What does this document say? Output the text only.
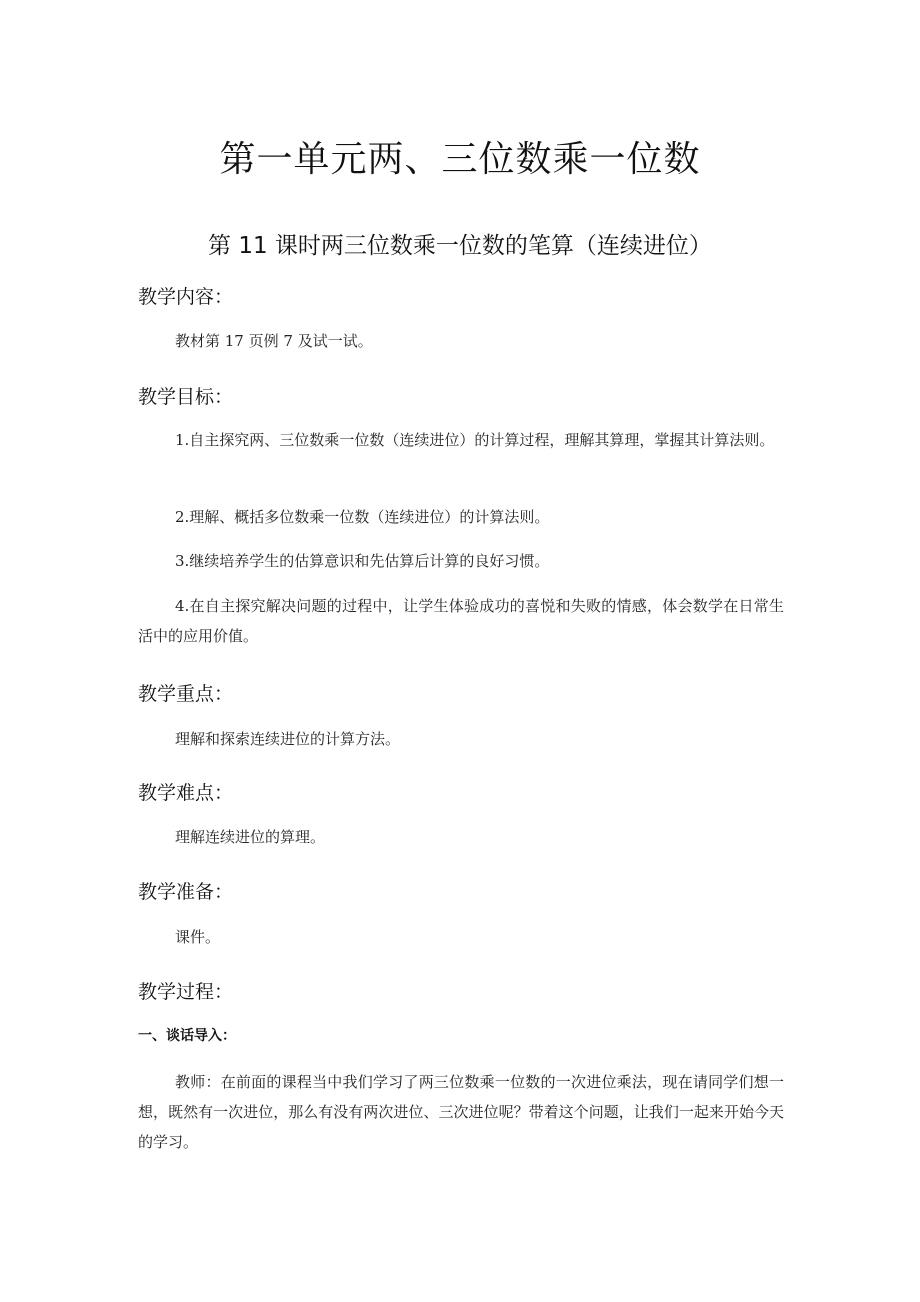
第一单元两、三位数乘一位数
第 11 课时两三位数乘一位数的笔算（连续进位）
教学内容：
教材第 17 页例 7 及试一试。
教学目标：
1.自主探究两、三位数乘一位数（连续进位）的计算过程，理解其算理，掌握其计算法则。
2.理解、概括多位数乘一位数（连续进位）的计算法则。
3.继续培养学生的估算意识和先估算后计算的良好习惯。
4.在自主探究解决问题的过程中，让学生体验成功的喜悦和失败的情感，体会数学在日常生活中的应用价值。
教学重点：
理解和探索连续进位的计算方法。
教学难点：
理解连续进位的算理。
教学准备：
课件。
教学过程：
一、谈话导入：
教师：在前面的课程当中我们学习了两三位数乘一位数的一次进位乘法，现在请同学们想一想，既然有一次进位，那么有没有两次进位、三次进位呢？带着这个问题，让我们一起来开始今天的学习。
